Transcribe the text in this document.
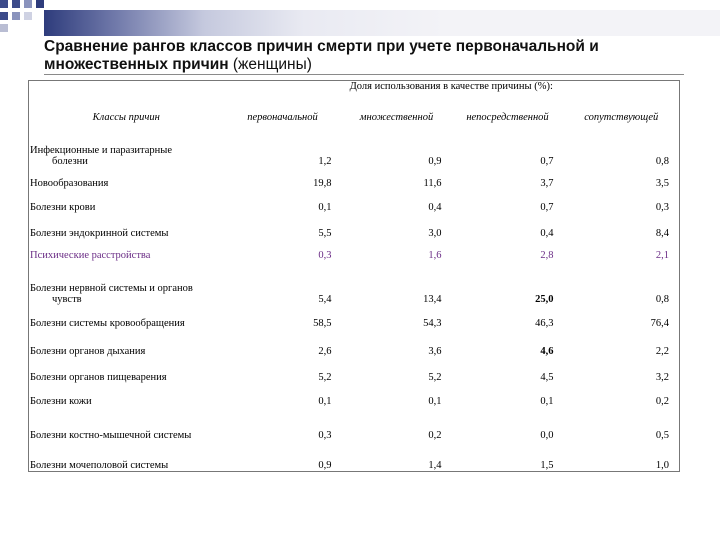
Сравнение рангов классов причин смерти при учете первоначальной и множественных причин (женщины)
	Доля использования в качестве причины (%):			
Классы причин	первоначальной	множественной	непосредственной	сопутствующей

Инфекционные и паразитарные
болезни	1,2	0,9	0,7	0,8
Новообразования	19,8	11,6	3,7	3,5
Болезни крови	0,1	0,4	0,7	0,3
Болезни эндокринной системы	5,5	3,0	0,4	8,4
Психические расстройства	0,3	1,6	2,8	2,1

Болезни нервной системы и органов
чувств	5,4	13,4	25,0	0,8
Болезни системы кровообращения	58,5	54,3	46,3	76,4
Болезни органов дыхания	2,6	3,6	4,6	2,2
Болезни органов пищеварения	5,2	5,2	4,5	3,2
Болезни кожи	0,1	0,1	0,1	0,2
Болезни костно-мышечной системы	0,3	0,2	0,0	0,5
Болезни мочеполовой системы	0,9	1,4	1,5	1,0
